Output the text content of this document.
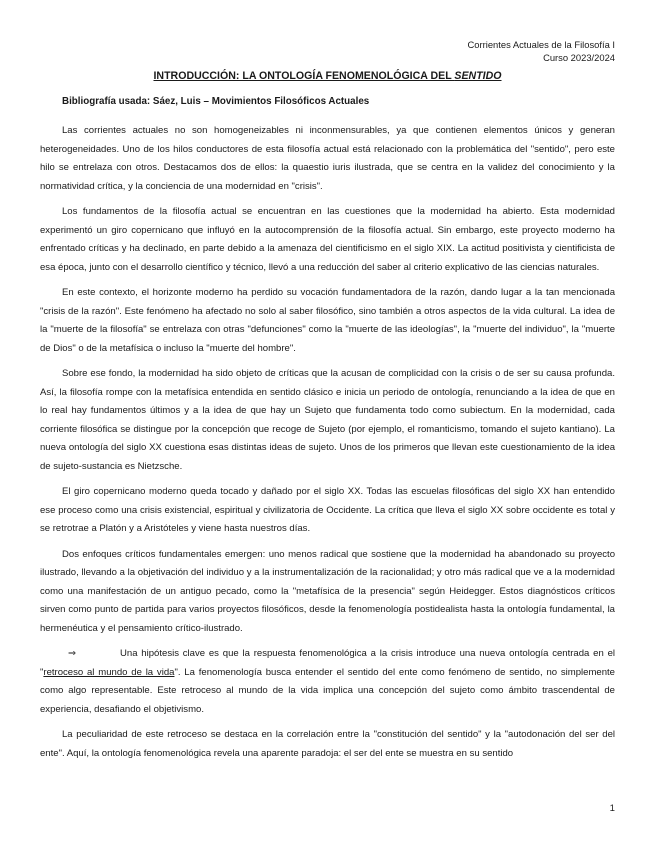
Corrientes Actuales de la Filosofía I
Curso 2023/2024
INTRODUCCIÓN: LA ONTOLOGÍA FENOMENOLÓGICA DEL SENTIDO
Bibliografía usada: Sáez, Luis – Movimientos Filosóficos Actuales

Las corrientes actuales no son homogeneizables ni inconmensurables, ya que contienen elementos únicos y generan heterogeneidades. Uno de los hilos conductores de esta filosofía actual está relacionado con la problemática del "sentido", pero este hilo se entrelaza con otros. Destacamos dos de ellos: la quaestio iuris ilustrada, que se centra en la validez del conocimiento y la normatividad crítica, y la conciencia de una modernidad en "crisis".

Los fundamentos de la filosofía actual se encuentran en las cuestiones que la modernidad ha abierto. Esta modernidad experimentó un giro copernicano que influyó en la autocomprensión de la filosofía actual. Sin embargo, este proyecto moderno ha enfrentado críticas y ha declinado, en parte debido a la amenaza del cientificismo en el siglo XIX. La actitud positivista y cientificista de esa época, junto con el desarrollo científico y técnico, llevó a una reducción del saber al criterio explicativo de las ciencias naturales.

En este contexto, el horizonte moderno ha perdido su vocación fundamentadora de la razón, dando lugar a la tan mencionada "crisis de la razón". Este fenómeno ha afectado no solo al saber filosófico, sino también a otros aspectos de la vida cultural. La idea de la "muerte de la filosofía" se entrelaza con otras "defunciones" como la "muerte de las ideologías", la "muerte del individuo", la "muerte de Dios" o de la metafísica o incluso la "muerte del hombre".

Sobre ese fondo, la modernidad ha sido objeto de críticas que la acusan de complicidad con la crisis o de ser su causa profunda. Así, la filosofía rompe con la metafísica entendida en sentido clásico e inicia un periodo de ontología, renunciando a la idea de que en lo real hay fundamentos últimos y a la idea de que hay un Sujeto que fundamenta todo como subiectum. En la modernidad, cada corriente filosófica se distingue por la concepción que recoge de Sujeto (por ejemplo, el romanticismo, tomando el sujeto kantiano). La nueva ontología del siglo XX cuestiona esas distintas ideas de sujeto. Unos de los primeros que llevan este cuestionamiento de la idea de sujeto-sustancia es Nietzsche.

El giro copernicano moderno queda tocado y dañado por el siglo XX. Todas las escuelas filosóficas del siglo XX han entendido ese proceso como una crisis existencial, espiritual y civilizatoria de Occidente. La crítica que lleva el siglo XX sobre occidente es total y se retrotrae a Platón y a Aristóteles y viene hasta nuestros días.

Dos enfoques críticos fundamentales emergen: uno menos radical que sostiene que la modernidad ha abandonado su proyecto ilustrado, llevando a la objetivación del individuo y a la instrumentalización de la racionalidad; y otro más radical que ve a la modernidad como una manifestación de un antiguo pecado, como la "metafísica de la presencia" según Heidegger. Estos diagnósticos críticos sirven como punto de partida para varios proyectos filosóficos, desde la fenomenología postidealista hasta la ontología fundamental, la hermenéutica y el pensamiento crítico-ilustrado.

⇒	Una hipótesis clave es que la respuesta fenomenológica a la crisis introduce una nueva ontología centrada en el "retroceso al mundo de la vida". La fenomenología busca entender el sentido del ente como fenómeno de sentido, no simplemente como algo representable. Este retroceso al mundo de la vida implica una concepción del sujeto como ámbito trascendental de experiencia, desafiando el objetivismo.

La peculiaridad de este retroceso se destaca en la correlación entre la "constitución del sentido" y la "autodonación del ser del ente". Aquí, la ontología fenomenológica revela una aparente paradoja: el ser del ente se muestra en su sentido

1
